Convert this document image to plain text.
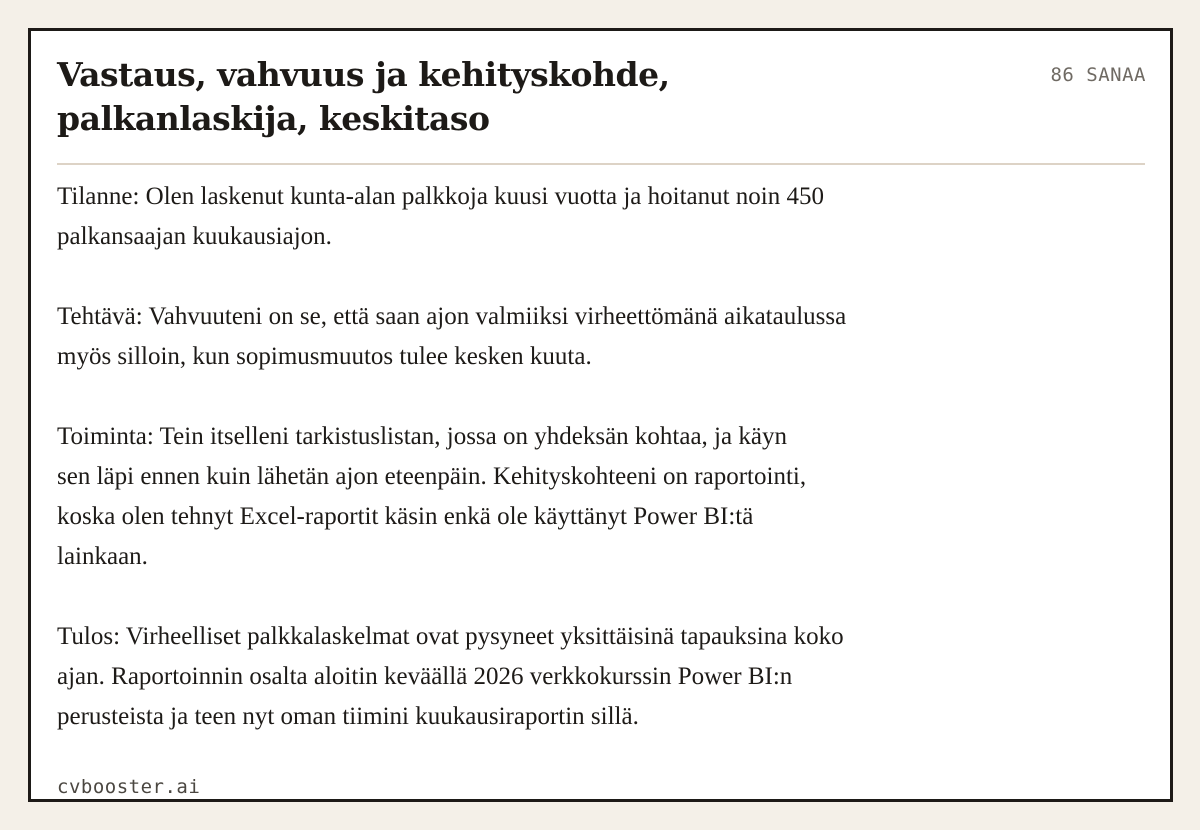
Vastaus, vahvuus ja kehityskohde,
palkanlaskija, keskitaso
86 SANAA

Tilanne: Olen laskenut kunta-alan palkkoja kuusi vuotta ja hoitanut noin 450
palkansaajan kuukausiajon.

Tehtävä: Vahvuuteni on se, että saan ajon valmiiksi virheettömänä aikataulussa
myös silloin, kun sopimusmuutos tulee kesken kuuta.

Toiminta: Tein itselleni tarkistuslistan, jossa on yhdeksän kohtaa, ja käyn
sen läpi ennen kuin lähetän ajon eteenpäin. Kehityskohteeni on raportointi,
koska olen tehnyt Excel-raportit käsin enkä ole käyttänyt Power BI:tä
lainkaan.

Tulos: Virheelliset palkkalaskelmat ovat pysyneet yksittäisinä tapauksina koko
ajan. Raportoinnin osalta aloitin keväällä 2026 verkkokurssin Power BI:n
perusteista ja teen nyt oman tiimini kuukausiraportin sillä.

cvbooster.ai
